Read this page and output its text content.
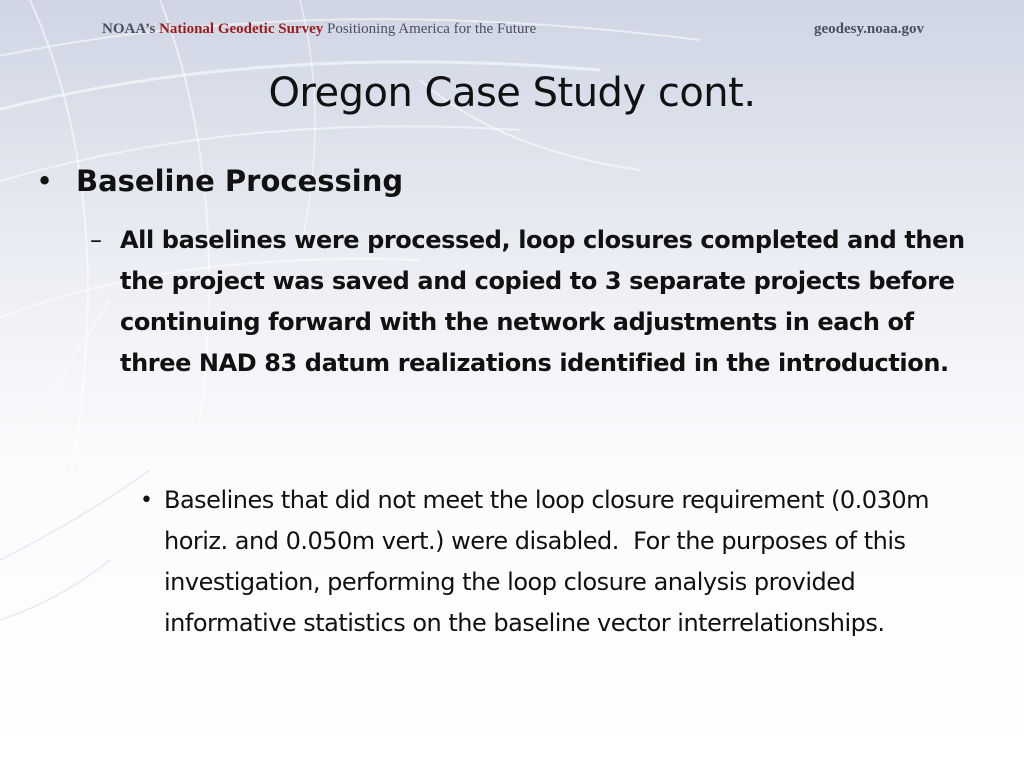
NOAA’s National Geodetic Survey Positioning America for the Future	geodesy.noaa.gov
Oregon Case Study cont.
• Baseline Processing
– All baselines were processed, loop closures completed and then the project was saved and copied to 3 separate projects before continuing forward with the network adjustments in each of three NAD 83 datum realizations identified in the introduction.
• Baselines that did not meet the loop closure requirement (0.030m horiz. and 0.050m vert.) were disabled.  For the purposes of this investigation, performing the loop closure analysis provided informative statistics on the baseline vector interrelationships.
